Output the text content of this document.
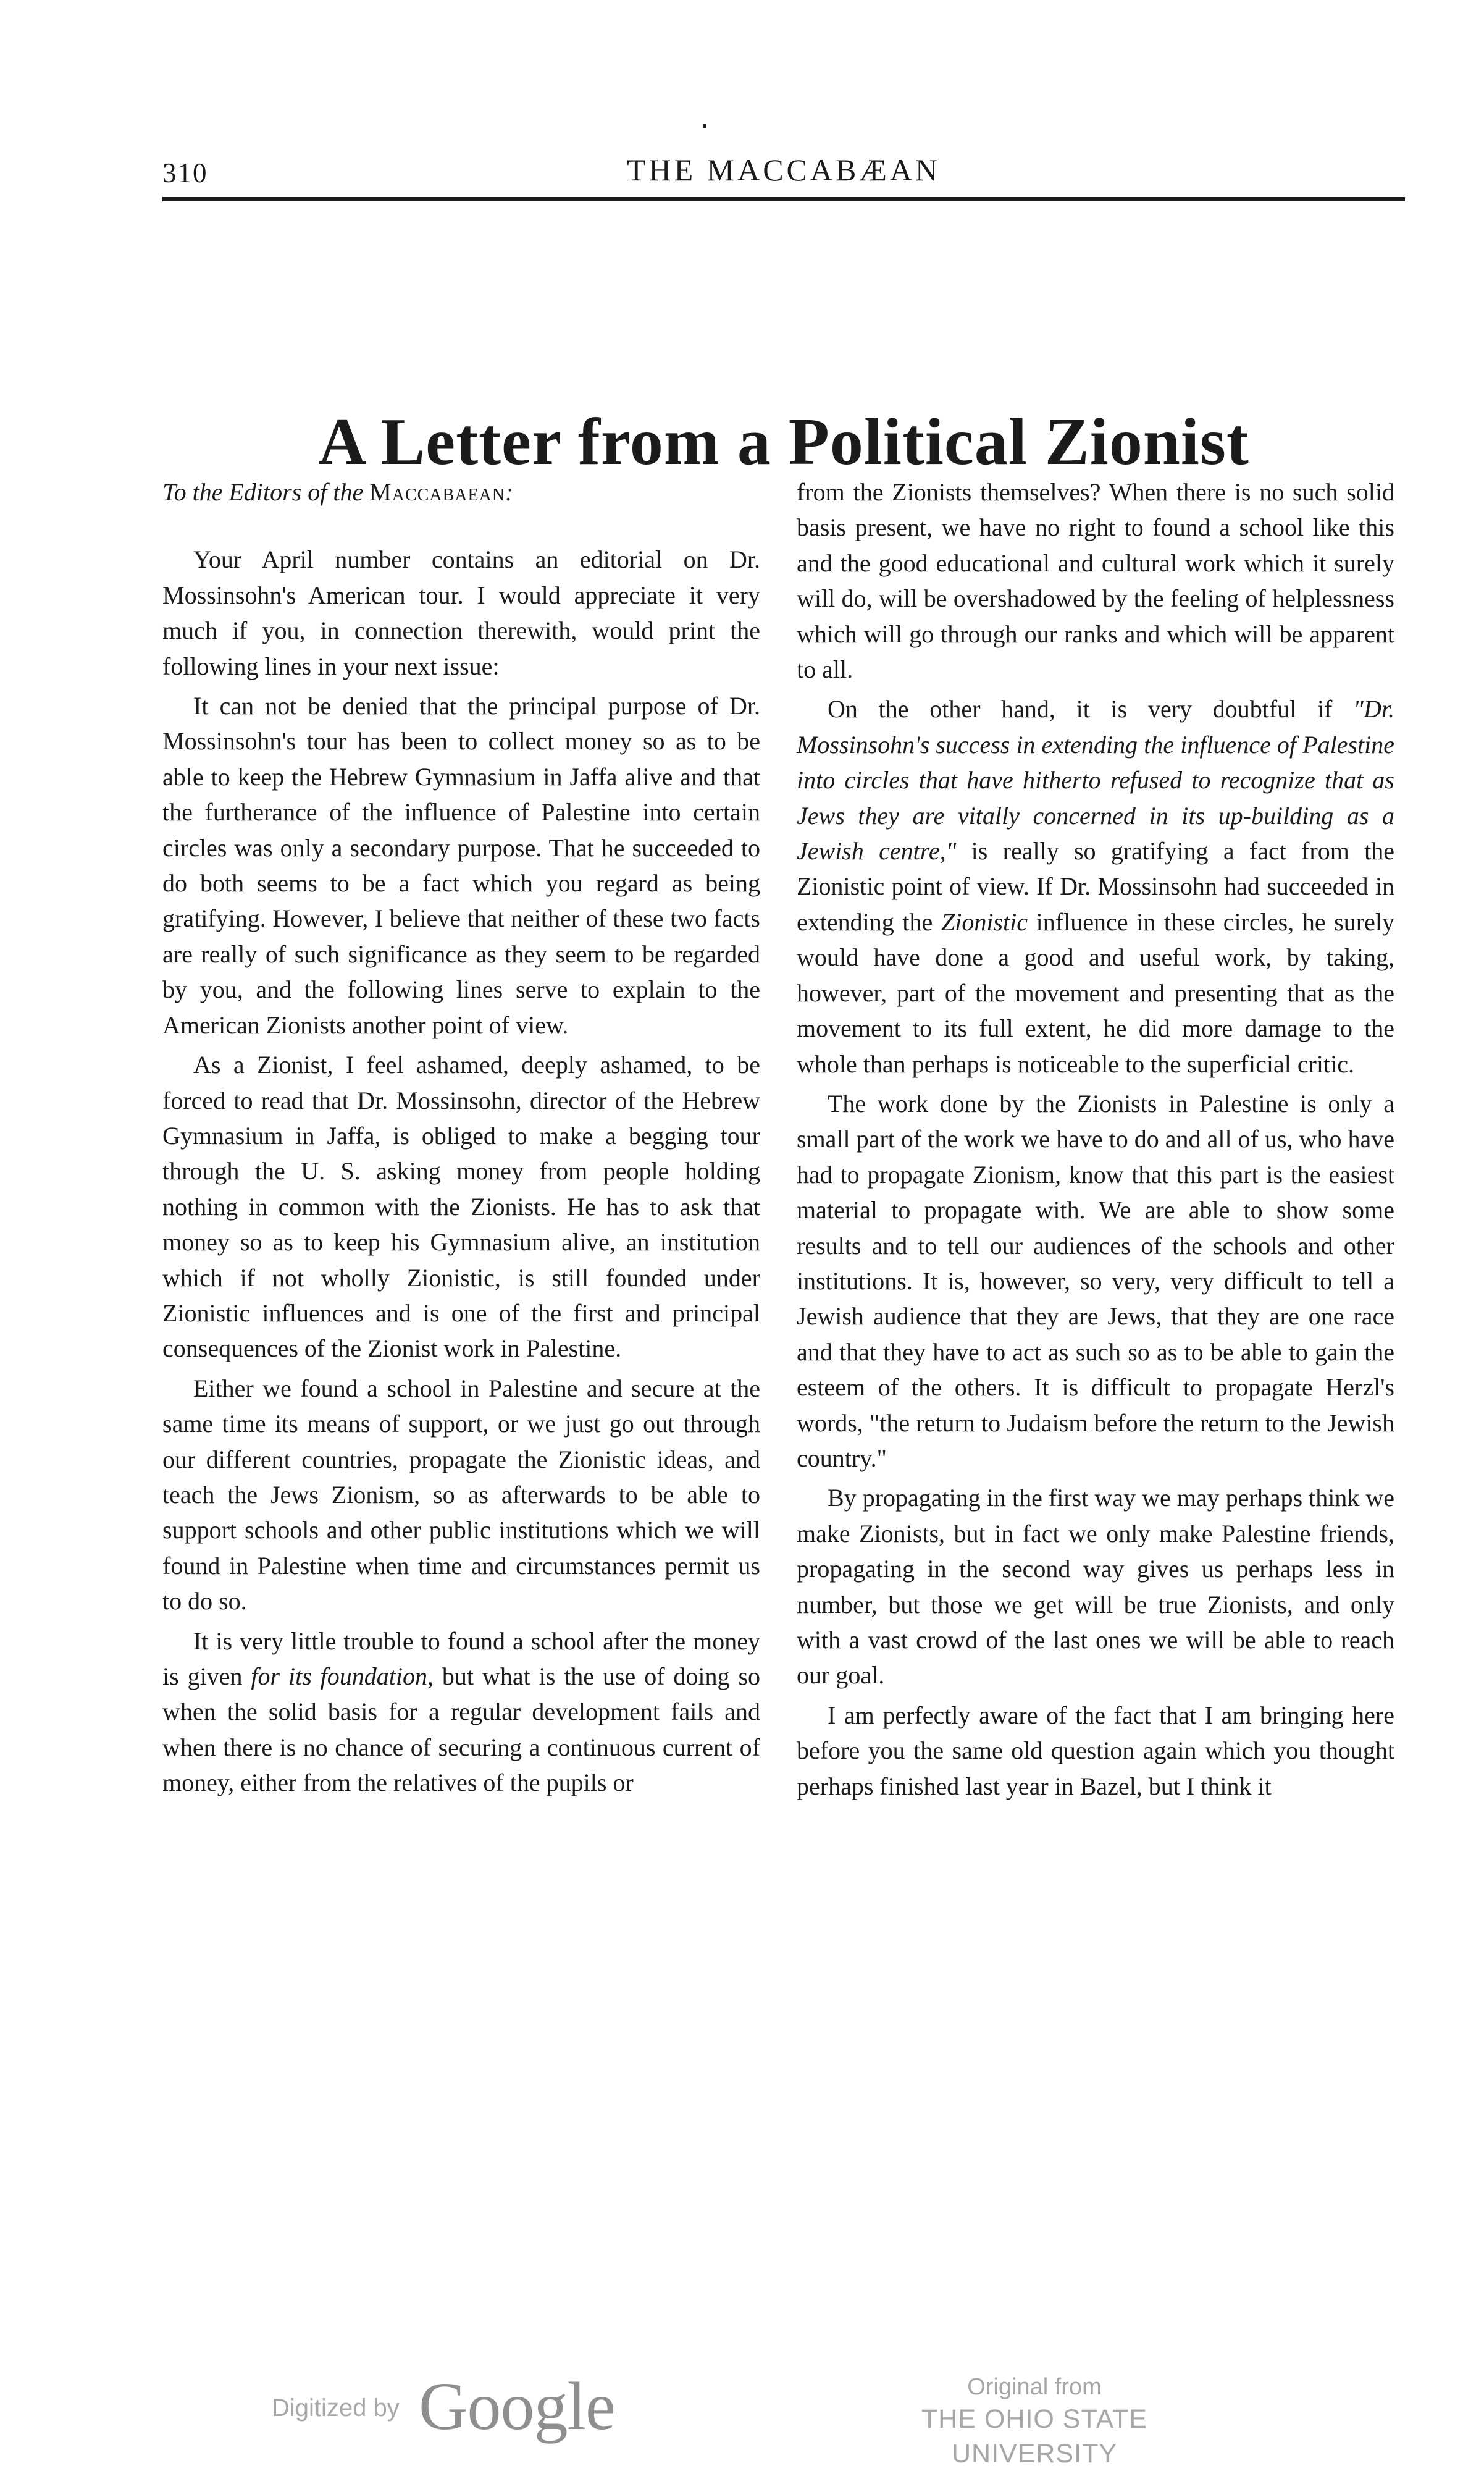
310	THE MACCABÆAN
A Letter from a Political Zionist

To the Editors of the Maccabaean:

Your April number contains an editorial on Dr. Mossinsohn's American tour. I would appreciate it very much if you, in connection therewith, would print the following lines in your next issue:

It can not be denied that the principal purpose of Dr. Mossinsohn's tour has been to collect money so as to be able to keep the Hebrew Gymnasium in Jaffa alive and that the furtherance of the influence of Palestine into certain circles was only a secondary purpose. That he succeeded to do both seems to be a fact which you regard as being gratifying. However, I believe that neither of these two facts are really of such significance as they seem to be regarded by you, and the following lines serve to explain to the American Zionists another point of view.

As a Zionist, I feel ashamed, deeply ashamed, to be forced to read that Dr. Mossinsohn, director of the Hebrew Gymnasium in Jaffa, is obliged to make a begging tour through the U. S. asking money from people holding nothing in common with the Zionists. He has to ask that money so as to keep his Gymnasium alive, an institution which if not wholly Zionistic, is still founded under Zionistic influences and is one of the first and principal consequences of the Zionist work in Palestine.

Either we found a school in Palestine and secure at the same time its means of support, or we just go out through our different countries, propagate the Zionistic ideas, and teach the Jews Zionism, so as afterwards to be able to support schools and other public institutions which we will found in Palestine when time and circumstances permit us to do so.

It is very little trouble to found a school after the money is given for its foundation, but what is the use of doing so when the solid basis for a regular development fails and when there is no chance of securing a continuous current of money, either from the relatives of the pupils or

from the Zionists themselves? When there is no such solid basis present, we have no right to found a school like this and the good educational and cultural work which it surely will do, will be overshadowed by the feeling of helplessness which will go through our ranks and which will be apparent to all.

On the other hand, it is very doubtful if "Dr. Mossinsohn's success in extending the influence of Palestine into circles that have hitherto refused to recognize that as Jews they are vitally concerned in its up-building as a Jewish centre," is really so gratifying a fact from the Zionistic point of view. If Dr. Mossinsohn had succeeded in extending the Zionistic influence in these circles, he surely would have done a good and useful work, by taking, however, part of the movement and presenting that as the movement to its full extent, he did more damage to the whole than perhaps is noticeable to the superficial critic.

The work done by the Zionists in Palestine is only a small part of the work we have to do and all of us, who have had to propagate Zionism, know that this part is the easiest material to propagate with. We are able to show some results and to tell our audiences of the schools and other institutions. It is, however, so very, very difficult to tell a Jewish audience that they are Jews, that they are one race and that they have to act as such so as to be able to gain the esteem of the others. It is difficult to propagate Herzl's words, "the return to Judaism before the return to the Jewish country."

By propagating in the first way we may perhaps think we make Zionists, but in fact we only make Palestine friends, propagating in the second way gives us perhaps less in number, but those we get will be true Zionists, and only with a vast crowd of the last ones we will be able to reach our goal.

I am perfectly aware of the fact that I am bringing here before you the same old question again which you thought perhaps finished last year in Bazel, but I think it

Digitized by Google	Original from
THE OHIO STATE UNIVERSITY
